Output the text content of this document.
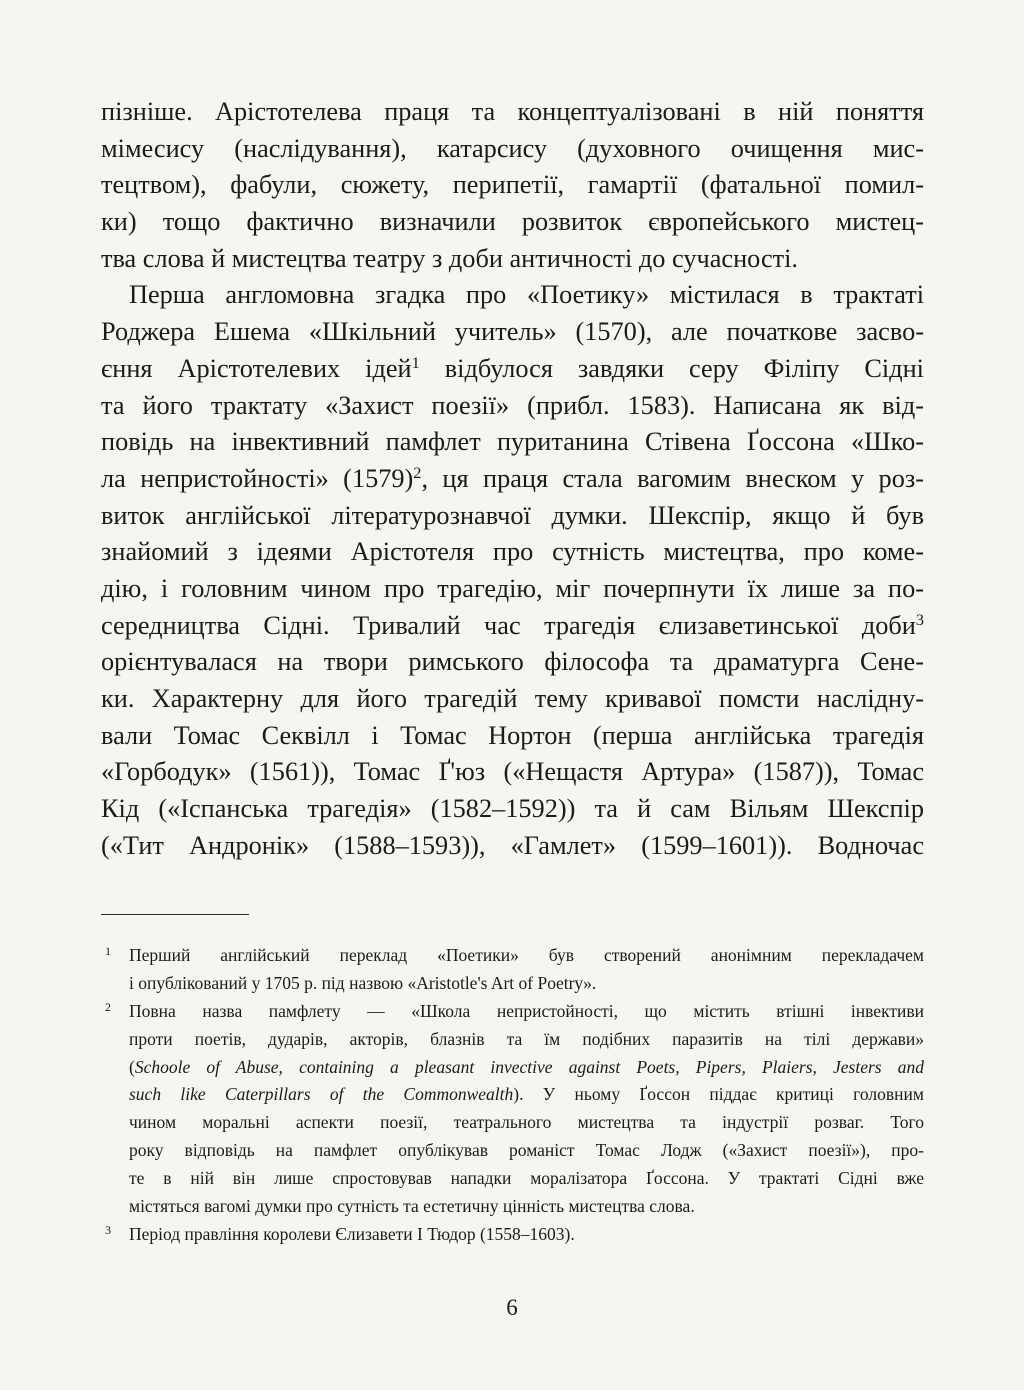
пізніше. Арістотелева праця та концептуалізовані в ній поняття
мімесису (наслідування), катарсису (духовного очищення мис-
тецтвом), фабули, сюжету, перипетії, гамартії (фатальної помил-
ки) тощо фактично визначили розвиток європейського мистец-
тва слова й мистецтва театру з доби античності до сучасності.
Перша англомовна згадка про «Поетику» містилася в трактаті
Роджера Ешема «Шкільний учитель» (1570), але початкове засво-
єння Арістотелевих ідей$^1$ відбулося завдяки серу Філіпу Сідні
та його трактату «Захист поезії» (прибл. 1583). Написана як від-
повідь на інвективний памфлет пуританина Стівена Ґоссона «Шко-
ла непристойності» $(1579)^2$, ця праця стала вагомим внеском у роз-
виток англійської літературознавчої думки. Шекспір, якщо й був
знайомий з ідеями Арістотеля про сутність мистецтва, про коме-
дію, і головним чином про трагедію, міг почерпнути їх лише за по-
середництва Сідні. Тривалий час трагедія єлизаветинської доби$^3$
орієнтувалася на твори римського філософа та драматурга Сене-
ки. Характерну для його трагедій тему кривавої помсти наслідну-
вали Томас Секвілл і Томас Нортон (перша англійська трагедія
«Горбодук» (1561)), Томас Ґ'юз («Нещастя Артура» (1587)), Томас
Кід («Іспанська трагедія» (1582–1592)) та й сам Вільям Шекспір
(«Тит Андронік» (1588–1593)), «Гамлет» (1599–1601)). Водночас
1 Перший англійський переклад «Поетики» був створений анонімним перекладачем
і опублікований у 1705 р. під назвою «Aristotle's Art of Poetry».
2 Повна назва памфлету — «Школа непристойності, що містить втішні інвективи
проти поетів, дударів, акторів, блазнів та їм подібних паразитів на тілі держави»
(Schoole of Abuse, containing a pleasant invective against Poets, Pipers, Plaiers, Jesters and
such like Caterpillars of the Commonwealth). У ньому Ґоссон піддає критиці головним
чином моральні аспекти поезії, театрального мистецтва та індустрії розваг. Того
року відповідь на памфлет опублікував романіст Томас Лодж («Захист поезії»), про-
те в ній він лише спростовував нападки моралізатора Ґоссона. У трактаті Сідні вже
містяться вагомі думки про сутність та естетичну цінність мистецтва слова.
3 Період правління королеви Єлизавети І Тюдор (1558–1603).
6
